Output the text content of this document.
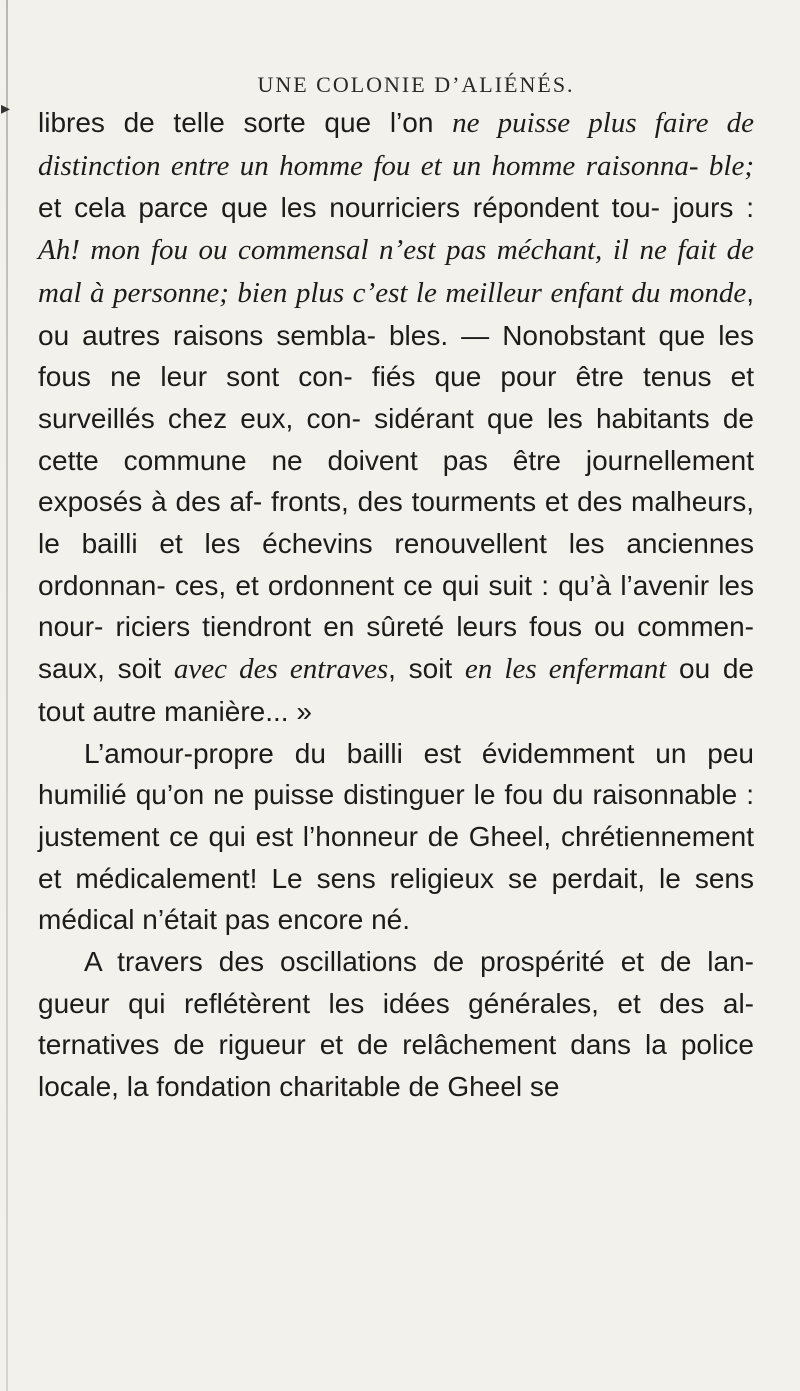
▸
UNE COLONIE D’ALIÉNÉS.

libres de telle sorte que l’on ne puisse plus faire de distinction entre un homme fou et un homme raisonna- ble; et cela parce que les nourriciers répondent tou- jours : Ah! mon fou ou commensal n’est pas méchant, il ne fait de mal à personne; bien plus c’est le meilleur enfant du monde, ou autres raisons sembla- bles. — Nonobstant que les fous ne leur sont con- fiés que pour être tenus et surveillés chez eux, con- sidérant que les habitants de cette commune ne doivent pas être journellement exposés à des af- fronts, des tourments et des malheurs, le bailli et les échevins renouvellent les anciennes ordonnan- ces, et ordonnent ce qui suit : qu’à l’avenir les nour- riciers tiendront en sûreté leurs fous ou commen- saux, soit avec des entraves, soit en les enfermant ou de tout autre manière... »

L’amour-propre du bailli est évidemment un peu humilié qu’on ne puisse distinguer le fou du raisonnable : justement ce qui est l’honneur de Gheel, chrétiennement et médicalement! Le sens religieux se perdait, le sens médical n’était pas encore né.

A travers des oscillations de prospérité et de lan- gueur qui reflétèrent les idées générales, et des al- ternatives de rigueur et de relâchement dans la police locale, la fondation charitable de Gheel se
